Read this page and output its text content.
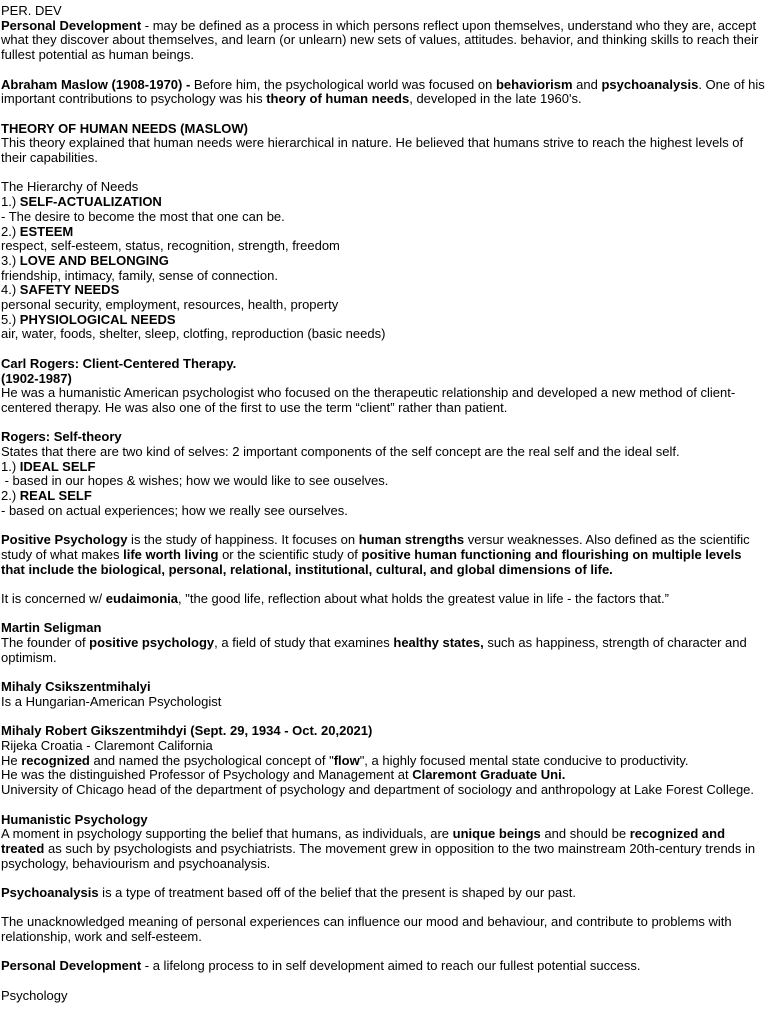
PER. DEV

Personal Development - may be defined as a process in which persons reflect upon themselves, understand who they are, accept what they discover about themselves, and learn (or unlearn) new sets of values, attitudes. behavior, and thinking skills to reach their fullest potential as human beings.

Abraham Maslow (1908-1970) - Before him, the psychological world was focused on behaviorism and psychoanalysis. One of his important contributions to psychology was his theory of human needs, developed in the late 1960's.

THEORY OF HUMAN NEEDS (MASLOW)

This theory explained that human needs were hierarchical in nature. He believed that humans strive to reach the highest levels of their capabilities.

The Hierarchy of Needs

1.) SELF-ACTUALIZATION

- The desire to become the most that one can be.

2.) ESTEEM

respect, self-esteem, status, recognition, strength, freedom

3.) LOVE AND BELONGING

friendship, intimacy, family, sense of connection.

4.) SAFETY NEEDS

personal security, employment, resources, health, property

5.) PHYSIOLOGICAL NEEDS

air, water, foods, shelter, sleep, clotfing, reproduction (basic needs)

Carl Rogers: Client-Centered Therapy.

(1902-1987)

He was a humanistic American psychologist who focused on the therapeutic relationship and developed a new method of client-centered therapy. He was also one of the first to use the term “client” rather than patient.

Rogers: Self-theory

States that there are two kind of selves: 2 important components of the self concept are the real self and the ideal self.

1.) IDEAL SELF

- based in our hopes & wishes; how we would like to see ouselves.

2.) REAL SELF

- based on actual experiences; how we really see ourselves.

Positive Psychology is the study of happiness. It focuses on human strengths versur weaknesses. Also defined as the scientific study of what makes life worth living or the scientific study of positive human functioning and flourishing on multiple levels that include the biological, personal, relational, institutional, cultural, and global dimensions of life.

It is concerned w/ eudaimonia, "the good life, reflection about what holds the greatest value in life - the factors that.”

Martin Seligman

The founder of positive psychology, a field of study that examines healthy states, such as happiness, strength of character and optimism.

Mihaly Csikszentmihalyi

Is a Hungarian-American Psychologist

Mihaly Robert Gikszentmihdyi (Sept. 29, 1934 - Oct. 20,2021)

Rijeka Croatia - Claremont California

He recognized and named the psychological concept of "flow", a highly focused mental state conducive to productivity.

He was the distinguished Professor of Psychology and Management at Claremont Graduate Uni.

University of Chicago head of the department of psychology and department of sociology and anthropology at Lake Forest College.

Humanistic Psychology

A moment in psychology supporting the belief that humans, as individuals, are unique beings and should be recognized and treated as such by psychologists and psychiatrists. The movement grew in opposition to the two mainstream 20th-century trends in psychology, behaviourism and psychoanalysis.

Psychoanalysis is a type of treatment based off of the belief that the present is shaped by our past.

The unacknowledged meaning of personal experiences can influence our mood and behaviour, and contribute to problems with relationship, work and self-esteem.

Personal Development - a lifelong process to in self development aimed to reach our fullest potential success.

Psychology
